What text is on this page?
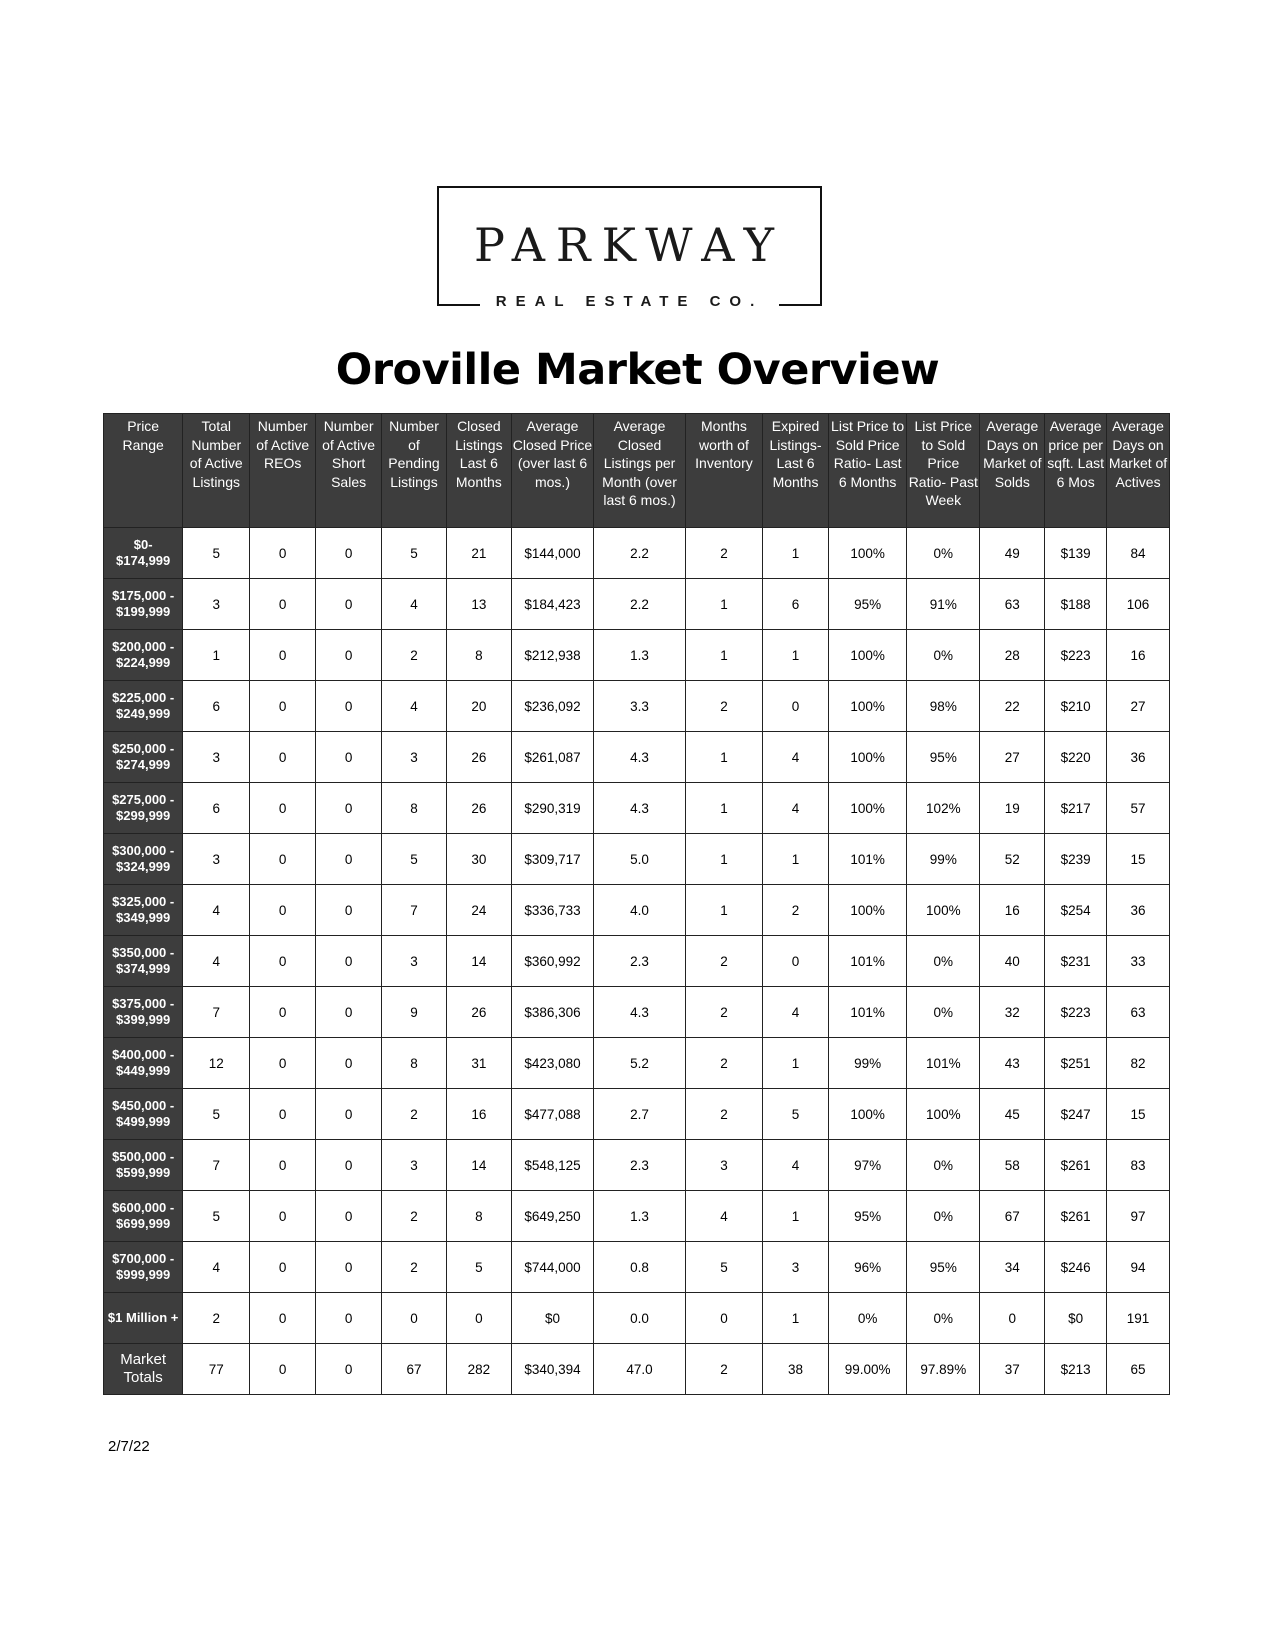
PARKWAY
REAL ESTATE CO.
Oroville Market Overview
Price Range	Total Number of Active Listings	Number of Active REOs	Number of Active Short Sales	Number of Pending Listings	Closed Listings Last 6 Months	Average Closed Price (over last 6 mos.)	Average Closed Listings per Month (over last 6 mos.)	Months worth of Inventory	Expired Listings- Last 6 Months	List Price to Sold Price Ratio- Last 6 Months	List Price to Sold Price Ratio- Past Week	Average Days on Market of Solds	Average price per sqft. Last 6 Mos	Average Days on Market of Actives
$0- $174,999	5	0	0	5	21	$144,000	2.2	2	1	100%	0%	49	$139	84
$175,000 - $199,999	3	0	0	4	13	$184,423	2.2	1	6	95%	91%	63	$188	106
$200,000 - $224,999	1	0	0	2	8	$212,938	1.3	1	1	100%	0%	28	$223	16
$225,000 - $249,999	6	0	0	4	20	$236,092	3.3	2	0	100%	98%	22	$210	27
$250,000 - $274,999	3	0	0	3	26	$261,087	4.3	1	4	100%	95%	27	$220	36
$275,000 - $299,999	6	0	0	8	26	$290,319	4.3	1	4	100%	102%	19	$217	57
$300,000 - $324,999	3	0	0	5	30	$309,717	5.0	1	1	101%	99%	52	$239	15
$325,000 - $349,999	4	0	0	7	24	$336,733	4.0	1	2	100%	100%	16	$254	36
$350,000 - $374,999	4	0	0	3	14	$360,992	2.3	2	0	101%	0%	40	$231	33
$375,000 - $399,999	7	0	0	9	26	$386,306	4.3	2	4	101%	0%	32	$223	63
$400,000 - $449,999	12	0	0	8	31	$423,080	5.2	2	1	99%	101%	43	$251	82
$450,000 - $499,999	5	0	0	2	16	$477,088	2.7	2	5	100%	100%	45	$247	15
$500,000 - $599,999	7	0	0	3	14	$548,125	2.3	3	4	97%	0%	58	$261	83
$600,000 - $699,999	5	0	0	2	8	$649,250	1.3	4	1	95%	0%	67	$261	97
$700,000 - $999,999	4	0	0	2	5	$744,000	0.8	5	3	96%	95%	34	$246	94
$1 Million +	2	0	0	0	0	$0	0.0	0	1	0%	0%	0	$0	191
Market Totals	77	0	0	67	282	$340,394	47.0	2	38	99.00%	97.89%	37	$213	65
2/7/22
